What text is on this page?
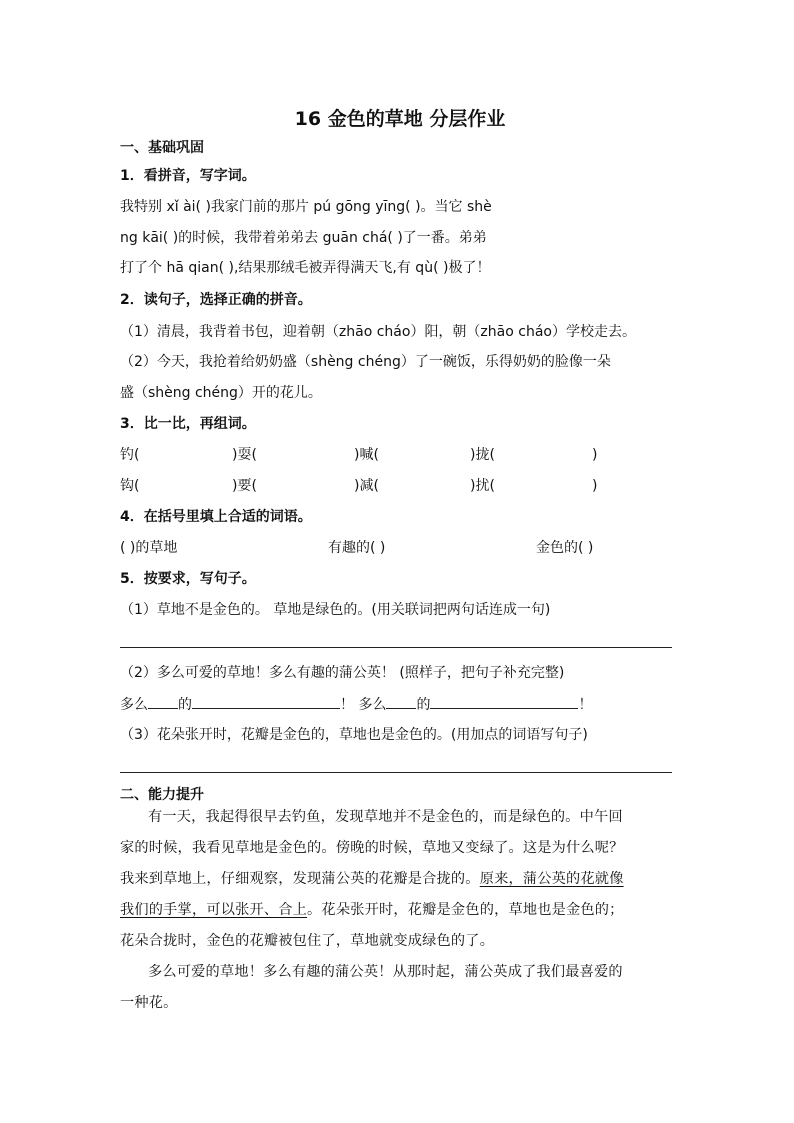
16 金色的草地 分层作业
一、基础巩固
1．看拼音，写字词。
我特别 xǐ ài( )我家门前的那片 pú gōng yīng( )。当它 shè
ng kāi( )的时候，我带着弟弟去 guān chá( )了一番。弟弟
打了个 hā qian( ),结果那绒毛被弄得满天飞,有 qù( )极了！
2．读句子，选择正确的拼音。
（1）清晨，我背着书包，迎着朝（zhāo cháo）阳，朝（zhāo cháo）学校走去。
（2）今天，我抢着给奶奶盛（shèng chéng）了一碗饭，乐得奶奶的脸像一朵
盛（shèng chéng）开的花儿。
3．比一比，再组词。
钓(	)耍(	)喊(	)拢(	)
钩(	)要(	)减(	)扰(	)
4．在括号里填上合适的词语。
( )的草地	有趣的( )	金色的( )
5．按要求，写句子。
（1）草地不是金色的。 草地是绿色的。(用关联词把两句话连成一句)
（2）多么可爱的草地！多么有趣的蒲公英！ (照样子，把句子补充完整)
多么 的	！ 多么 的	！
（3）花朵张开时，花瓣是金色的，草地也是金色的。(用加点的词语写句子)
二、能力提升
有一天，我起得很早去钓鱼，发现草地并不是金色的，而是绿色的。中午回
家的时候，我看见草地是金色的。傍晚的时候，草地又变绿了。这是为什么呢？
我来到草地上，仔细观察，发现蒲公英的花瓣是合拢的。原来，蒲公英的花就像
我们的手掌，可以张开、合上。花朵张开时，花瓣是金色的，草地也是金色的；
花朵合拢时，金色的花瓣被包住了，草地就变成绿色的了。
多么可爱的草地！多么有趣的蒲公英！从那时起，蒲公英成了我们最喜爱的
一种花。
